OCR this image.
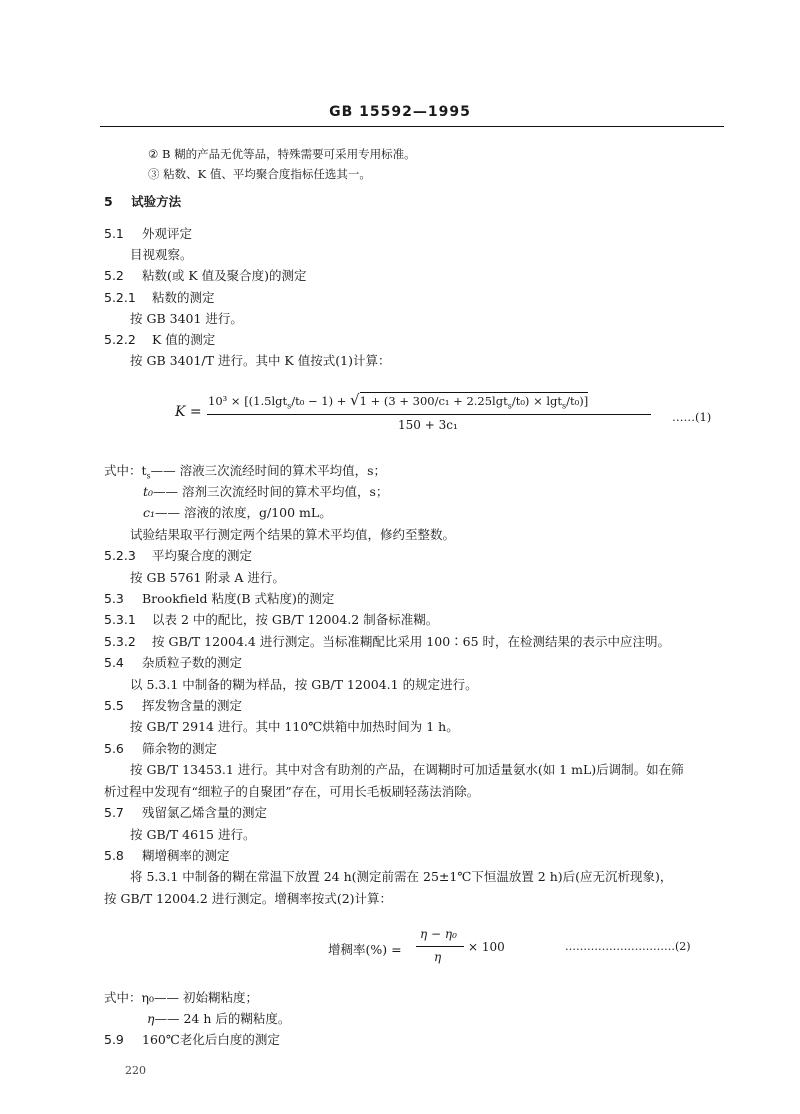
GB 15592—1995
② B 糊的产品无优等品，特殊需要可采用专用标准。
③ 粘数、K 值、平均聚合度指标任选其一。
5 试验方法
5.1 外观评定
目视观察。
5.2 粘数(或 K 值及聚合度)的测定
5.2.1 粘数的测定
按 GB 3401 进行。
5.2.2 K 值的测定
按 GB 3401/T 进行。其中 K 值按式(1)计算：
K =
10³ × [(1.5lgt$_s$/t₀ − 1) + √1 + (3 + 300/c₁ + 2.25lgt$_s$/t₀) × lgt$_s$/t₀)]
150 + 3c₁
……(1)
式中：$t_s——$ 溶液三次流经时间的算术平均值，s；
t₀—— 溶剂三次流经时间的算术平均值，s；
c₁—— 溶液的浓度，g/100 mL。
试验结果取平行测定两个结果的算术平均值，修约至整数。
5.2.3 平均聚合度的测定
按 GB 5761 附录 A 进行。
5.3 Brookfield 粘度(B 式粘度)的测定
5.3.1 以表 2 中的配比，按 GB/T 12004.2 制备标准糊。
5.3.2 按 GB/T 12004.4 进行测定。当标准糊配比采用 100∶65 时，在检测结果的表示中应注明。
5.4 杂质粒子数的测定
以 5.3.1 中制备的糊为样品，按 GB/T 12004.1 的规定进行。
5.5 挥发物含量的测定
按 GB/T 2914 进行。其中 110℃烘箱中加热时间为 1 h。
5.6 筛余物的测定
按 GB/T 13453.1 进行。其中对含有助剂的产品，在调糊时可加适量氨水(如 1 mL)后调制。如在筛
析过程中发现有“细粒子的自聚团”存在，可用长毛板刷轻荡法消除。
5.7 残留氯乙烯含量的测定
按 GB/T 4615 进行。
5.8 糊增稠率的测定
将 5.3.1 中制备的糊在常温下放置 24 h(测定前需在 25±1℃下恒温放置 2 h)后(应无沉析现象)，
按 GB/T 12004.2 进行测定。增稠率按式(2)计算：
增稠率(%) =
η − η₀
η
× 100	…………………………(2)
式中：η₀—— 初始糊粘度；
η—— 24 h 后的糊粘度。
5.9 160℃老化后白度的测定
220
